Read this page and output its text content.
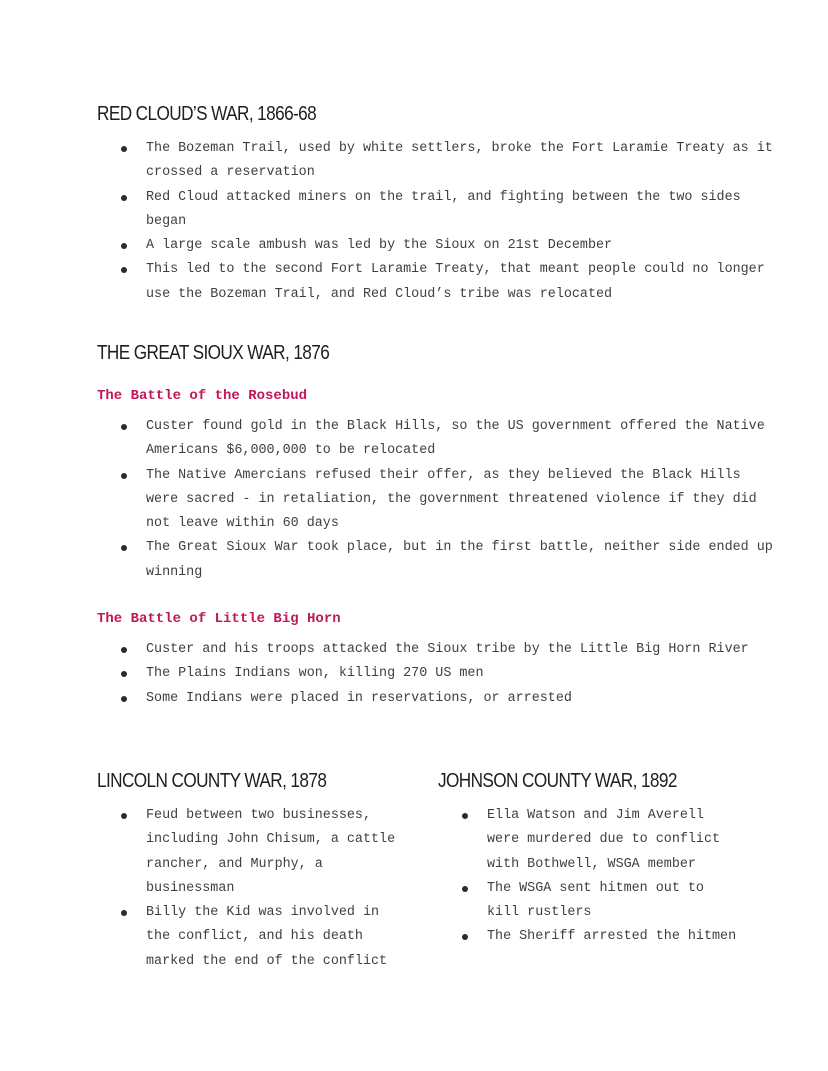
RED CLOUD’S WAR, 1866-68
The Bozeman Trail, used by white settlers, broke the Fort Laramie Treaty as it crossed a reservation
Red Cloud attacked miners on the trail, and fighting between the two sides began
A large scale ambush was led by the Sioux on 21st December
This led to the second Fort Laramie Treaty, that meant people could no longer use the Bozeman Trail, and Red Cloud’s tribe was relocated
THE GREAT SIOUX WAR, 1876
The Battle of the Rosebud
Custer found gold in the Black Hills, so the US government offered the Native Americans $6,000,000 to be relocated
The Native Amercians refused their offer, as they believed the Black Hills were sacred - in retaliation, the government threatened violence if they did not leave within 60 days
The Great Sioux War took place, but in the first battle, neither side ended up winning
The Battle of Little Big Horn
Custer and his troops attacked the Sioux tribe by the Little Big Horn River
The Plains Indians won, killing 270 US men
Some Indians were placed in reservations, or arrested
LINCOLN COUNTY WAR, 1878
Feud between two businesses, including John Chisum, a cattle rancher, and Murphy, a businessman
Billy the Kid was involved in the conflict, and his death marked the end of the conflict
JOHNSON COUNTY WAR, 1892
Ella Watson and Jim Averell were murdered due to conflict with Bothwell, WSGA member
The WSGA sent hitmen out to kill rustlers
The Sheriff arrested the hitmen
